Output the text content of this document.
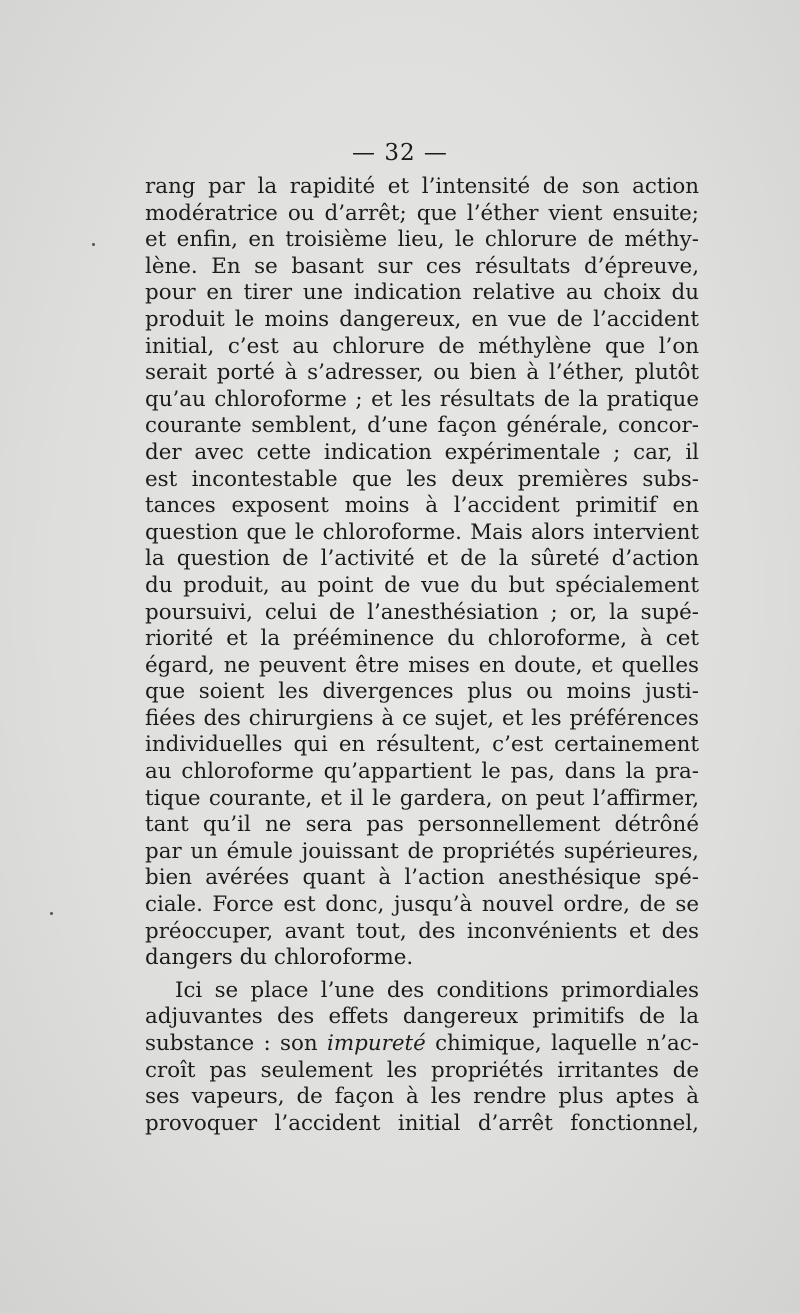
— 32 —
rang par la rapidité et l’intensité de son action
modératrice ou d’arrêt; que l’éther vient ensuite;
et enfin, en troisième lieu, le chlorure de méthy-
lène. En se basant sur ces résultats d’épreuve,
pour en tirer une indication relative au choix du
produit le moins dangereux, en vue de l’accident
initial, c’est au chlorure de méthylène que l’on
serait porté à s’adresser, ou bien à l’éther, plutôt
qu’au chloroforme ; et les résultats de la pratique
courante semblent, d’une façon générale, concor-
der avec cette indication expérimentale ; car, il
est incontestable que les deux premières subs-
tances exposent moins à l’accident primitif en
question que le chloroforme. Mais alors intervient
la question de l’activité et de la sûreté d’action
du produit, au point de vue du but spécialement
poursuivi, celui de l’anesthésiation ; or, la supé-
riorité et la prééminence du chloroforme, à cet
égard, ne peuvent être mises en doute, et quelles
que soient les divergences plus ou moins justi-
fiées des chirurgiens à ce sujet, et les préférences
individuelles qui en résultent, c’est certainement
au chloroforme qu’appartient le pas, dans la pra-
tique courante, et il le gardera, on peut l’affirmer,
tant qu’il ne sera pas personnellement détrôné
par un émule jouissant de propriétés supérieures,
bien avérées quant à l’action anesthésique spé-
ciale. Force est donc, jusqu’à nouvel ordre, de se
préoccuper, avant tout, des inconvénients et des
dangers du chloroforme.
Ici se place l’une des conditions primordiales
adjuvantes des effets dangereux primitifs de la
substance : son impureté chimique, laquelle n’ac-
croît pas seulement les propriétés irritantes de
ses vapeurs, de façon à les rendre plus aptes à
provoquer l’accident initial d’arrêt fonctionnel,
